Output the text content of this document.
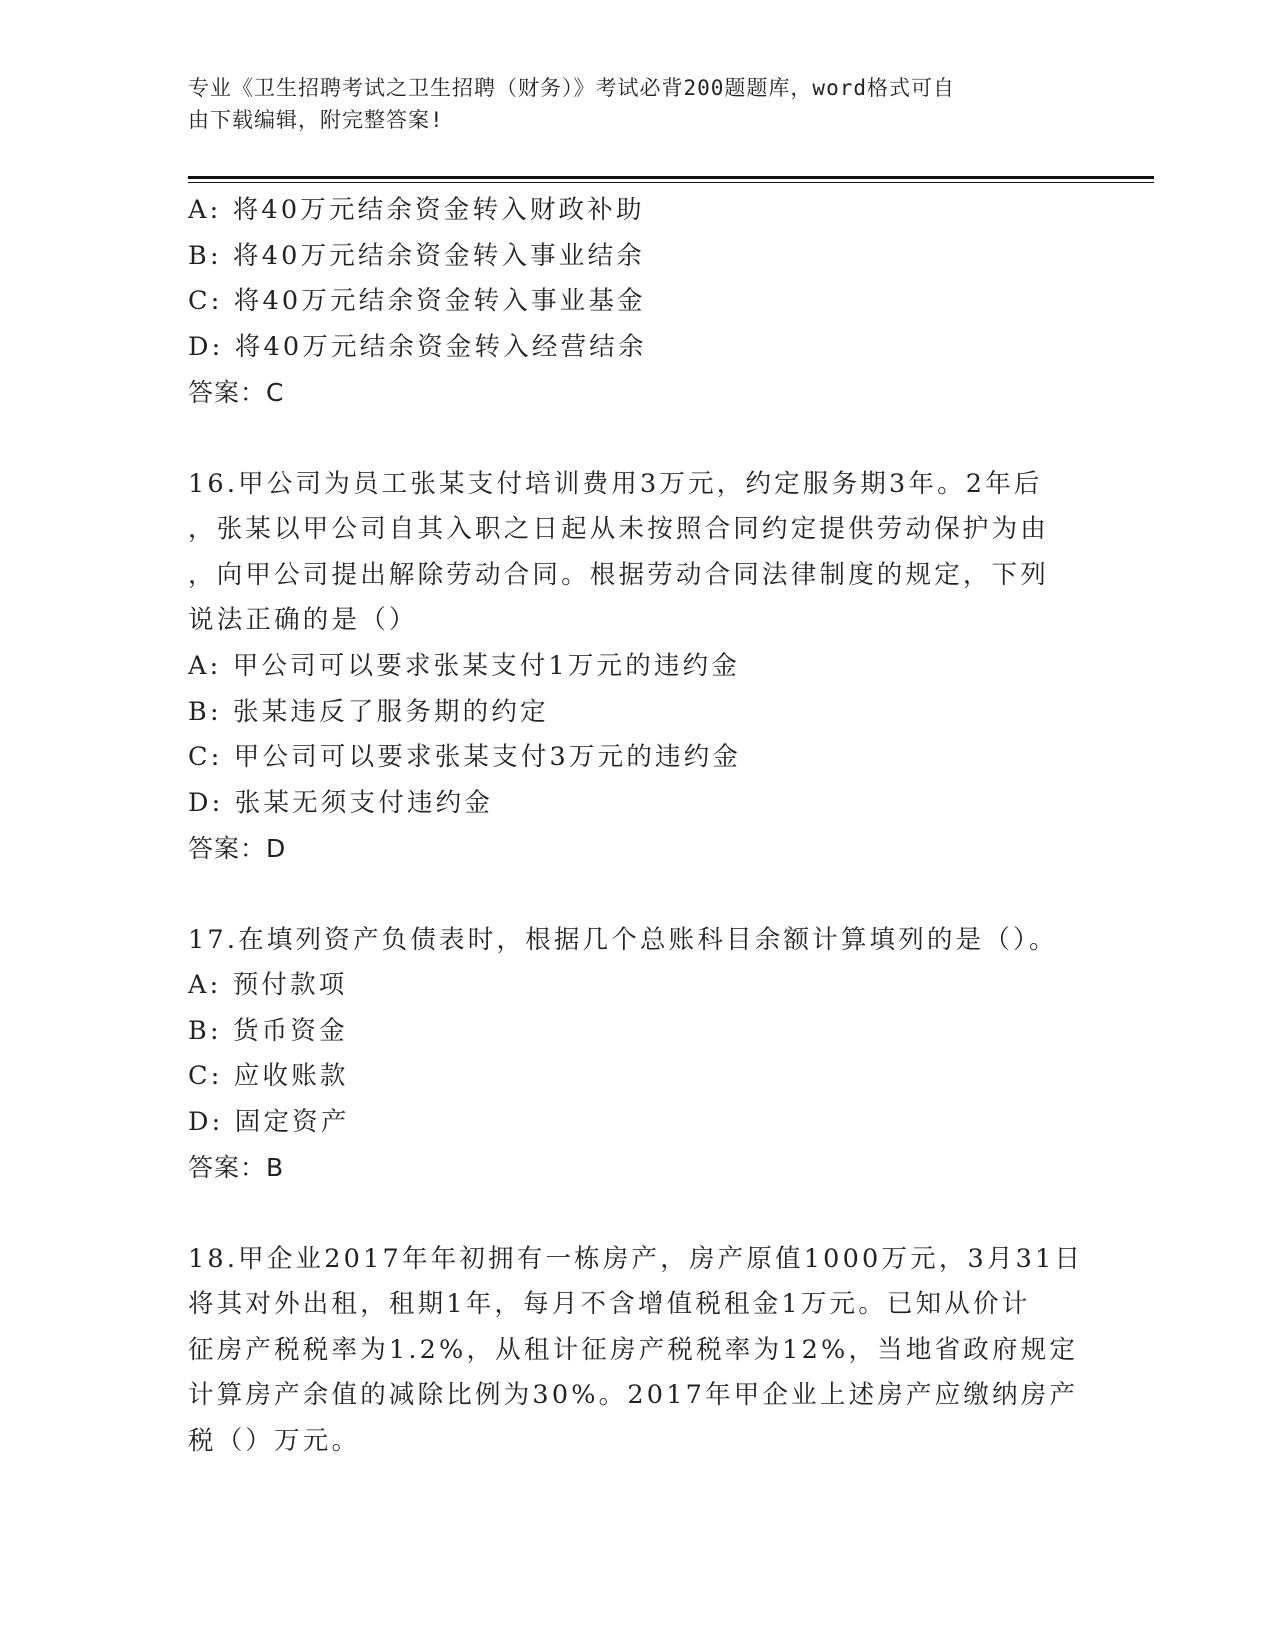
专业《卫生招聘考试之卫生招聘（财务）》考试必背200题题库，word格式可自
由下载编辑，附完整答案!
A: 将40万元结余资金转入财政补助
B: 将40万元结余资金转入事业结余
C: 将40万元结余资金转入事业基金
D: 将40万元结余资金转入经营结余
答案：C
16.甲公司为员工张某支付培训费用3万元，约定服务期3年。2年后
，张某以甲公司自其入职之日起从未按照合同约定提供劳动保护为由
，向甲公司提出解除劳动合同。根据劳动合同法律制度的规定，下列
说法正确的是（）
A: 甲公司可以要求张某支付1万元的违约金
B: 张某违反了服务期的约定
C: 甲公司可以要求张某支付3万元的违约金
D: 张某无须支付违约金
答案：D
17.在填列资产负债表时，根据几个总账科目余额计算填列的是（）。
A: 预付款项
B: 货币资金
C: 应收账款
D: 固定资产
答案：B
18.甲企业2017年年初拥有一栋房产，房产原值1000万元，3月31日
将其对外出租，租期1年，每月不含增值税租金1万元。已知从价计
征房产税税率为1.2%，从租计征房产税税率为12%，当地省政府规定
计算房产余值的减除比例为30%。2017年甲企业上述房产应缴纳房产
税（）万元。
